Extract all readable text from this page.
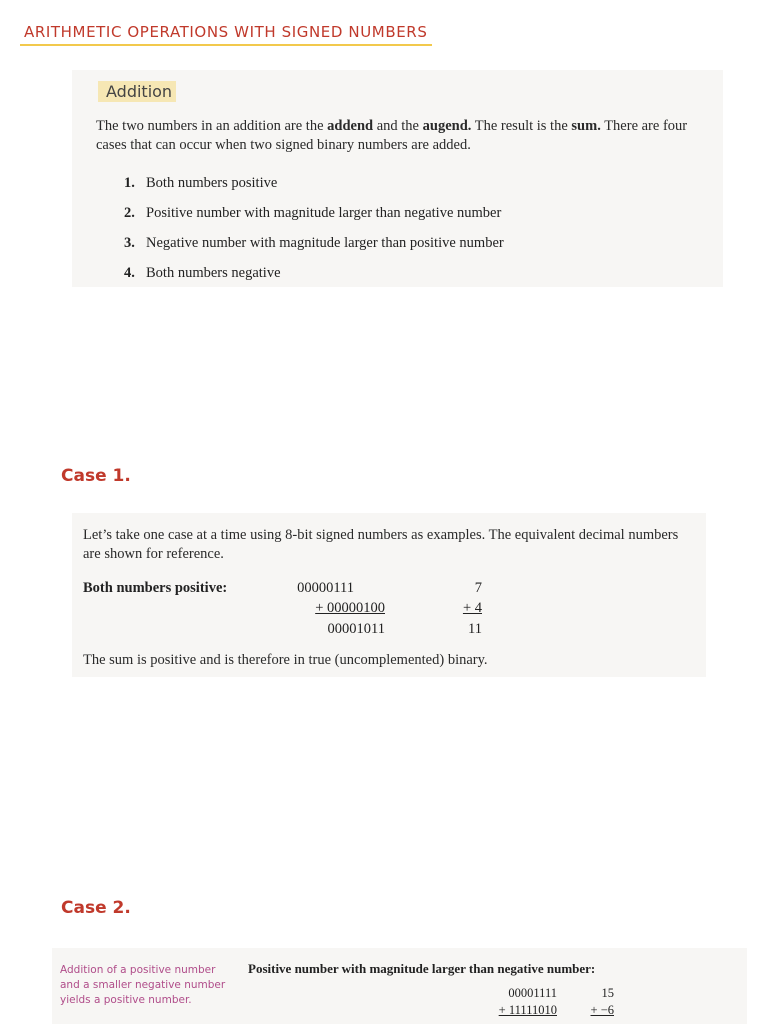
ARITHMETIC OPERATIONS WITH SIGNED NUMBERS
Addition
The two numbers in an addition are the addend and the augend. The result is the sum. There are four cases that can occur when two signed binary numbers are added.
1. Both numbers positive
2. Positive number with magnitude larger than negative number
3. Negative number with magnitude larger than positive number
4. Both numbers negative
Case 1.
Let’s take one case at a time using 8-bit signed numbers as examples. The equivalent decimal numbers are shown for reference.
Both numbers positive:	00000111
+ 00000100
00001011
7
+ 4
11
The sum is positive and is therefore in true (uncomplemented) binary.
Case 2.
Addition of a positive number and a smaller negative number yields a positive number.
Positive number with magnitude larger than negative number:
00001111
+ 11111010
15
+ −6
